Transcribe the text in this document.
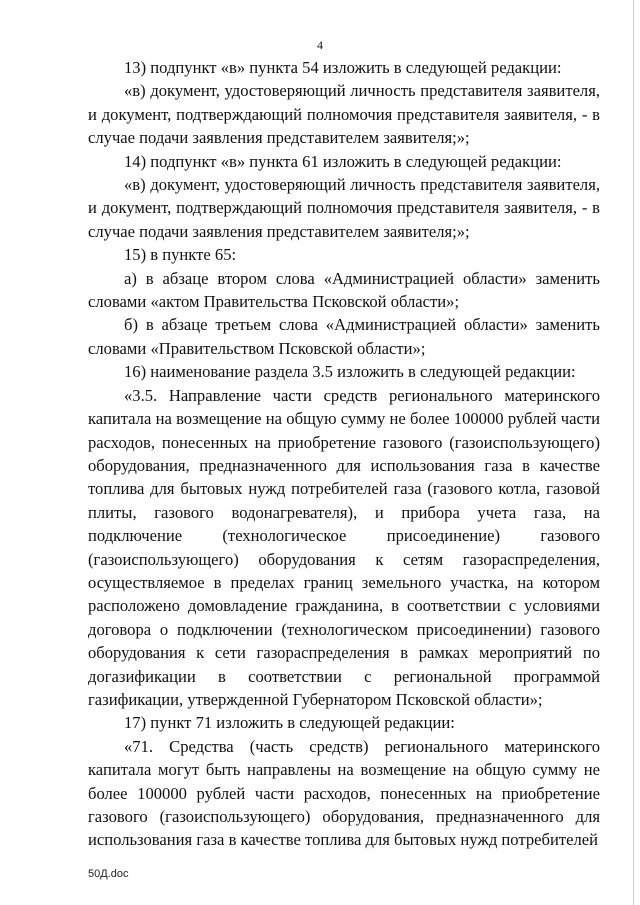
4

13) подпункт «в» пункта 54 изложить в следующей редакции:

«в) документ, удостоверяющий личность представителя заявителя, и документ, подтверждающий полномочия представителя заявителя, - в случае подачи заявления представителем заявителя;»;

14) подпункт «в» пункта 61 изложить в следующей редакции:

«в) документ, удостоверяющий личность представителя заявителя, и документ, подтверждающий полномочия представителя заявителя, - в случае подачи заявления представителем заявителя;»;

15) в пункте 65:

а) в абзаце втором слова «Администрацией области» заменить словами «актом Правительства Псковской области»;

б) в абзаце третьем слова «Администрацией области» заменить словами «Правительством Псковской области»;

16) наименование раздела 3.5 изложить в следующей редакции:

«3.5. Направление части средств регионального материнского капитала на возмещение на общую сумму не более 100000 рублей части расходов, понесенных на приобретение газового (газоиспользующего) оборудования, предназначенного для использования газа в качестве топлива для бытовых нужд потребителей газа (газового котла, газовой плиты, газового водонагревателя), и прибора учета газа, на подключение (технологическое присоединение) газового (газоиспользующего) оборудования к сетям газораспределения, осуществляемое в пределах границ земельного участка, на котором расположено домовладение гражданина, в соответствии с условиями договора о подключении (технологическом присоединении) газового оборудования к сети газораспределения в рамках мероприятий по догазификации в соответствии с региональной программой газификации, утвержденной Губернатором Псковской области»;

17) пункт 71 изложить в следующей редакции:

«71. Средства (часть средств) регионального материнского капитала могут быть направлены на возмещение на общую сумму не более 100000 рублей части расходов, понесенных на приобретение газового (газоиспользующего) оборудования, предназначенного для использования газа в качестве топлива для бытовых нужд потребителей

50Д.doc
